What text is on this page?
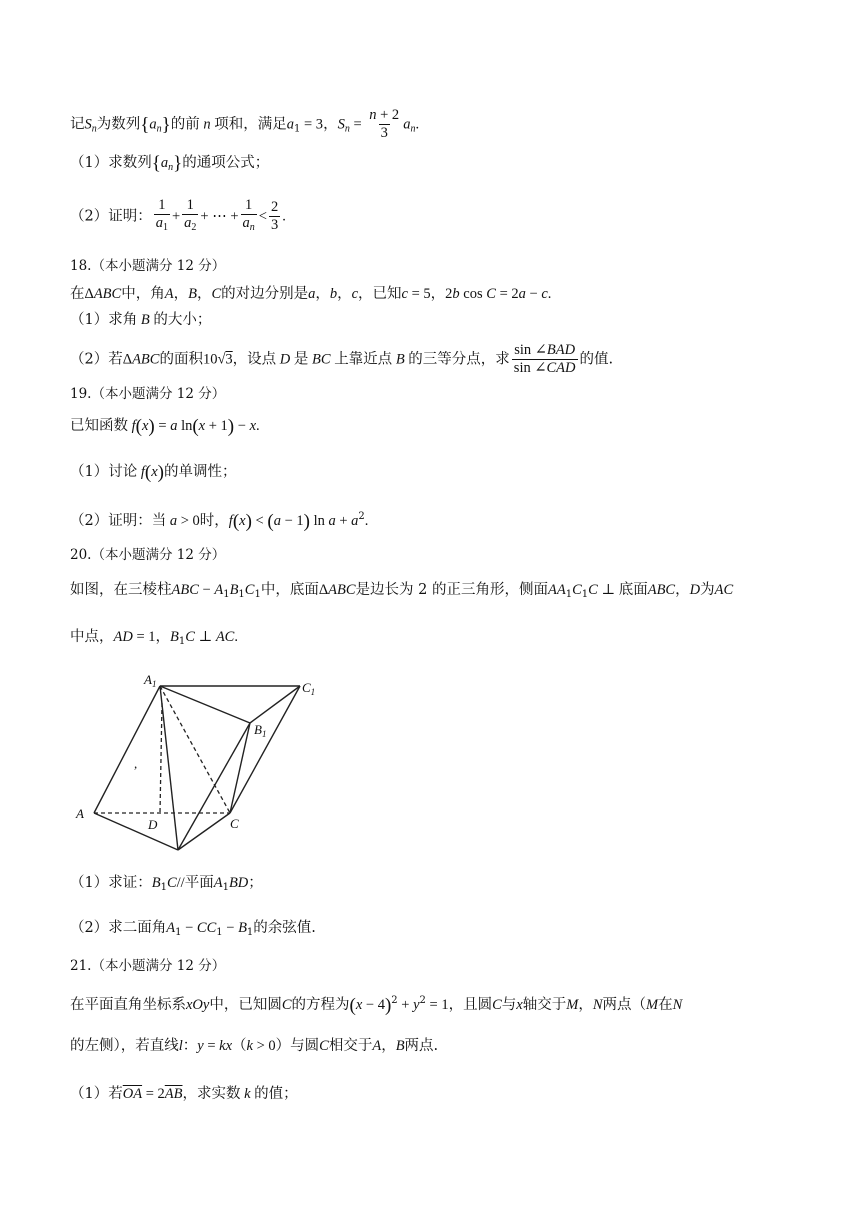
记$S_n$为数列$\{a_n\}$的前 n 项和，满足$a_1 = 3$，$S_n = \frac{n + 2}{3} a_n$.
（1）求数列$\{a_n\}$的通项公式；
（2）证明： $\frac{1}{a_1} + \frac{1}{a_2}$ + ⋯ + $\frac{1}{a_n} < \frac{2}{3}$ .
18.（本小题满分 12 分）
在ΔABC中，角A，B，C的对边分别是a，b，c，已知c = 5，2b cos C = 2a − c.
（1）求角 B 的大小；
（2）若ΔABC的面积10√3，设点 D 是 BC 上靠近点 B 的三等分点，求 $\frac{\text{sin ∠BAD}}{\text{sin ∠CAD}}$ 的值.
19.（本小题满分 12 分）
已知函数 f(x) = a ln(x + 1) − x.
（1）讨论 f(x)的单调性；
（2）证明：当 a > 0时，f(x) < (a − 1) $\ln a + a^2$.
20.（本小题满分 12 分）
如图，在三棱柱ABC − $A_1B_1C_1$中，底面ΔABC是边长为 2 的正三角形，侧面$AA_1C_1C$ ⊥ 底面ABC，D为AC
中点，AD = 1，$B_1C$ ⊥ AC.
$A_1$	$C_1$
$B_1$
A
D	C
,
（1）求证：$B_1C//$平面$A_1BD$；
（2）求二面角$A_1 - CC_1 - B_1$的余弦值.
21.（本小题满分 12 分）
在平面直角坐标系xOy中，已知圆C的方程为$(x - 4)^2 + y^2 = 1$，且圆C与x轴交于M，N两点（M在N
的左侧），若直线l：y = kx（k > 0）与圆C相交于A，B两点.
（1）若$\overline{OA} = 2\overline{AB}$，求实数 k 的值；
